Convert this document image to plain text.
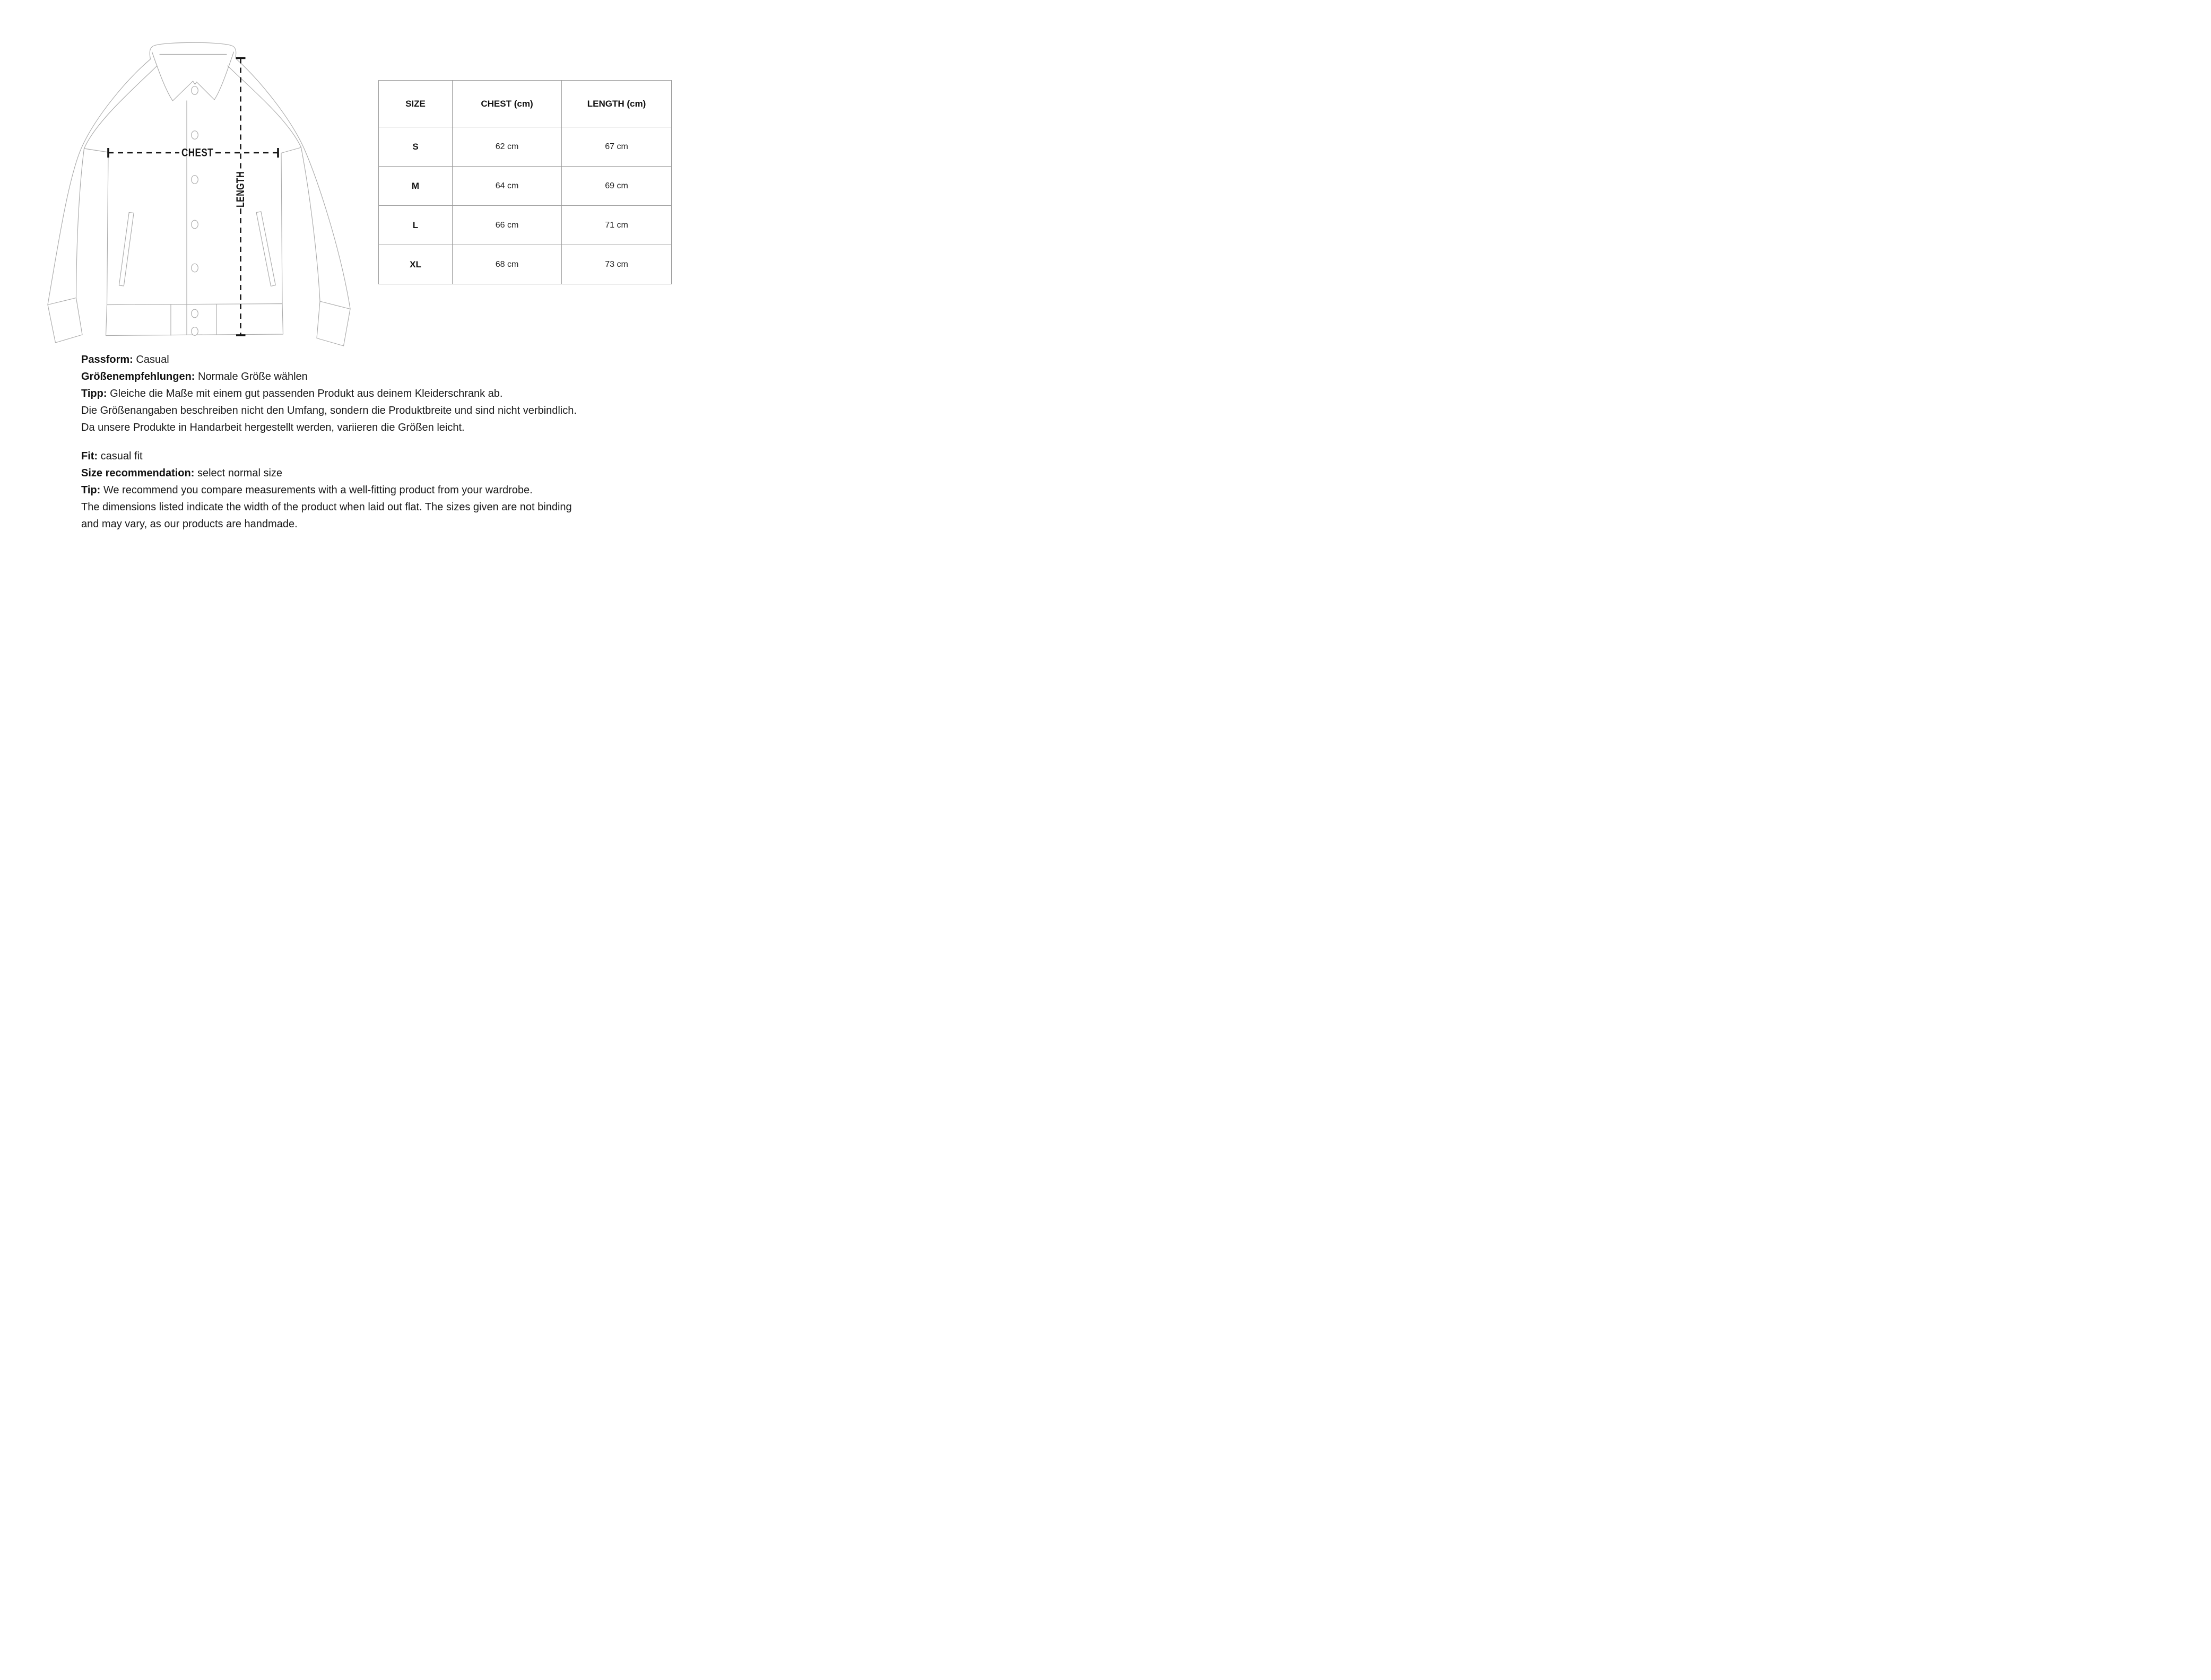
CHEST
LENGTH
SIZE	CHEST (cm)	LENGTH (cm)
S	62 cm	67 cm
M	64 cm	69 cm
L	66 cm	71 cm
XL	68 cm	73 cm
Passform: Casual
Größenempfehlungen: Normale Größe wählen
Tipp: Gleiche die Maße mit einem gut passenden Produkt aus deinem Kleiderschrank ab.
Die Größenangaben beschreiben nicht den Umfang, sondern die Produktbreite und sind nicht verbindlich.
Da unsere Produkte in Handarbeit hergestellt werden, variieren die Größen leicht.
Fit: casual fit
Size recommendation: select normal size
Tip: We recommend you compare measurements with a well-fitting product from your wardrobe.
The dimensions listed indicate the width of the product when laid out flat. The sizes given are not binding
and may vary, as our products are handmade.
